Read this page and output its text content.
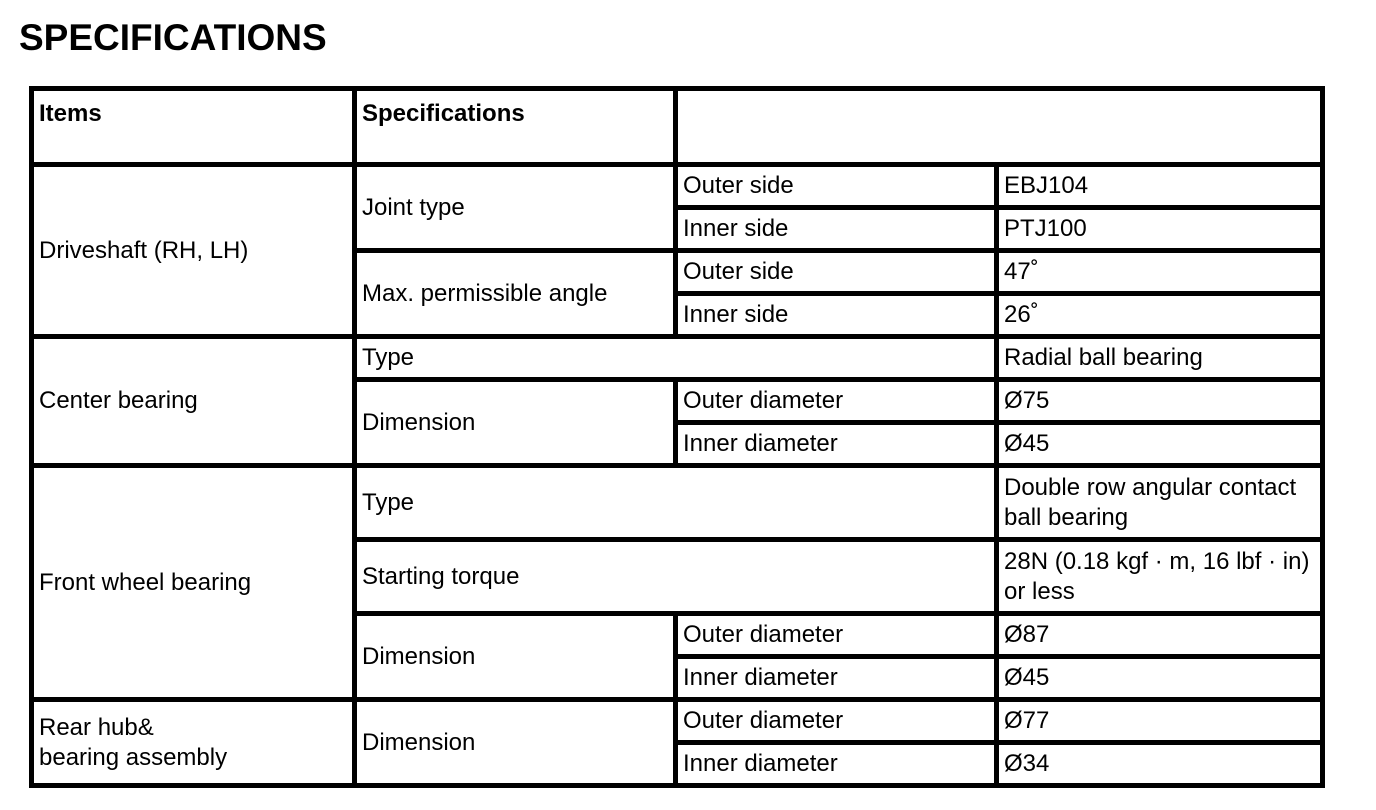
SPECIFICATIONS
Items	Specifications		
Driveshaft (RH, LH)	Joint type	Outer side	EBJ104
		Inner side	PTJ100
	Max. permissible angle	Outer side	47˚
		Inner side	26˚
Center bearing	Type		Radial ball bearing
	Dimension	Outer diameter	Ø75
		Inner diameter	Ø45
Front wheel bearing	Type		Double row angular contact ball bearing
	Starting torque		28N (0.18 kgf · m, 16 lbf · in) or less
	Dimension	Outer diameter	Ø87
		Inner diameter	Ø45
Rear hub&
bearing assembly	Dimension	Outer diameter	Ø77
		Inner diameter	Ø34
